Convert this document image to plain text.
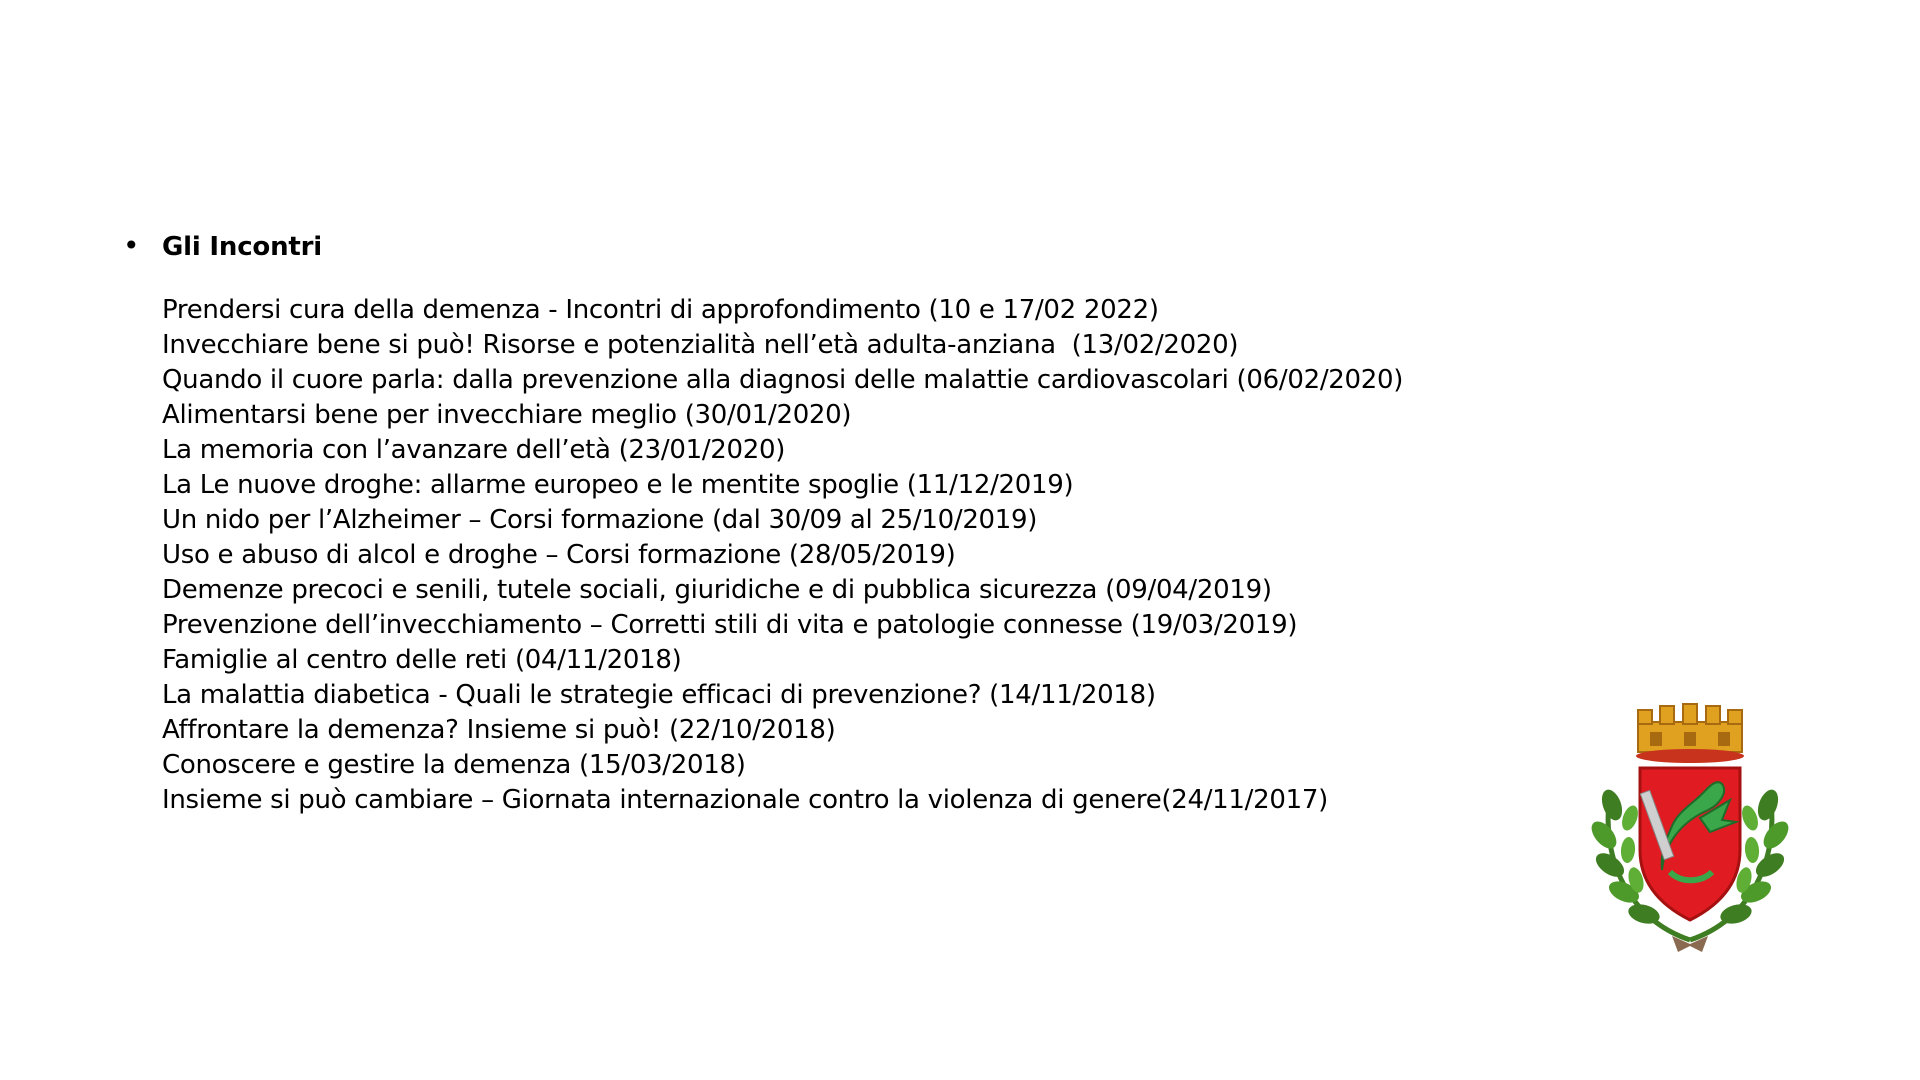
• Gli Incontri
Prendersi cura della demenza - Incontri di approfondimento (10 e 17/02 2022)
Invecchiare bene si può! Risorse e potenzialità nell’età adulta-anziana  (13/02/2020)
Quando il cuore parla: dalla prevenzione alla diagnosi delle malattie cardiovascolari (06/02/2020)
Alimentarsi bene per invecchiare meglio (30/01/2020)
La memoria con l’avanzare dell’età (23/01/2020)
La Le nuove droghe: allarme europeo e le mentite spoglie (11/12/2019)
Un nido per l’Alzheimer – Corsi formazione (dal 30/09 al 25/10/2019)
Uso e abuso di alcol e droghe – Corsi formazione (28/05/2019)
Demenze precoci e senili, tutele sociali, giuridiche e di pubblica sicurezza (09/04/2019)
Prevenzione dell’invecchiamento – Corretti stili di vita e patologie connesse (19/03/2019)
Famiglie al centro delle reti (04/11/2018)
La malattia diabetica - Quali le strategie efficaci di prevenzione? (14/11/2018)
Affrontare la demenza? Insieme si può! (22/10/2018)
Conoscere e gestire la demenza (15/03/2018)
Insieme si può cambiare – Giornata internazionale contro la violenza di genere(24/11/2017)
